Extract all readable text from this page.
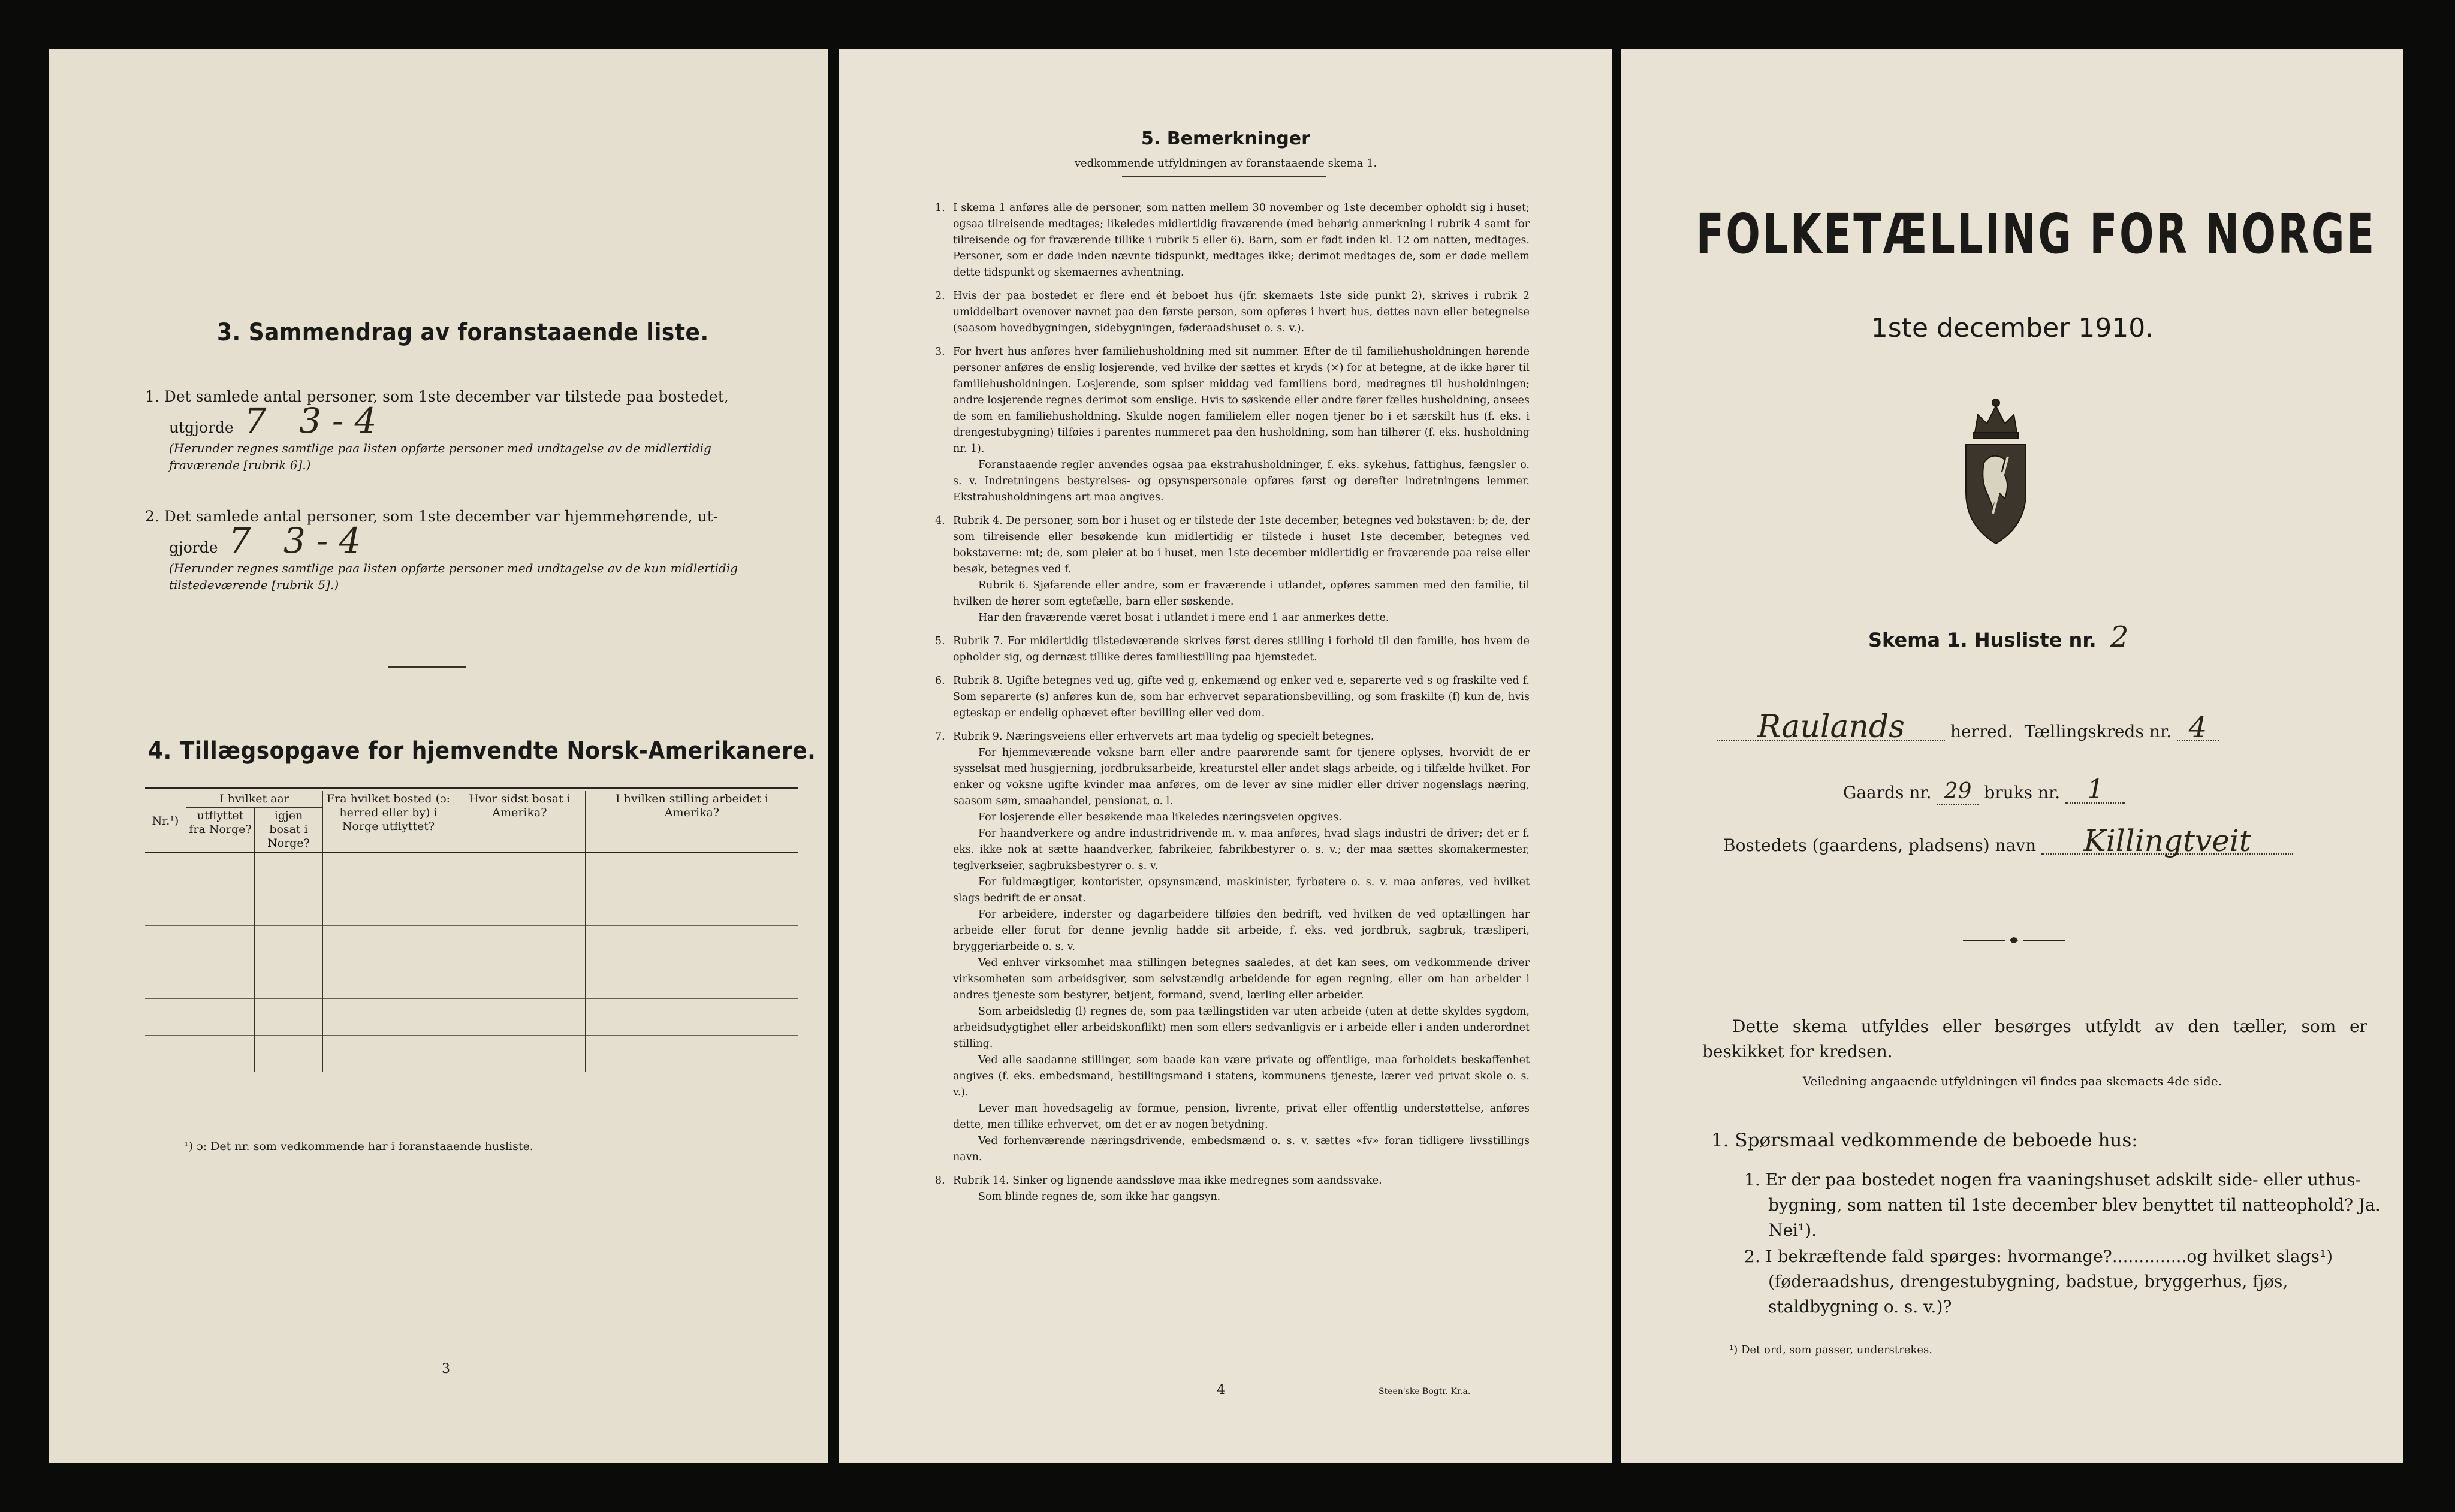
3. Sammendrag av foranstaaende liste.
1. Det samlede antal personer, som 1ste december var tilstede paa bostedet,
utgjorde 7 3-4
(Herunder regnes samtlige paa listen opførte personer med undtagelse av de midlertidig fraværende [rubrik 6].)
2. Det samlede antal personer, som 1ste december var hjemmehørende, ut-
gjorde 7 3-4
(Herunder regnes samtlige paa listen opførte personer med undtagelse av de kun midlertidig tilstedeværende [rubrik 5].)
4. Tillægsopgave for hjemvendte Norsk-Amerikanere.
Nr.¹)	I hvilket aar		Fra hvilket bosted (ɔ: herred eller by) i Norge utflyttet?	Hvor sidst bosat i Amerika?	I hvilken stilling arbeidet i Amerika?
	utflyttet fra Norge?	igjen bosat i Norge?			

¹) ɔ: Det nr. som vedkommende har i foranstaaende husliste.
3
5. Bemerkninger
vedkommende utfyldningen av foranstaaende skema 1.

1. I skema 1 anføres alle de personer, som natten mellem 30 november og 1ste december opholdt sig i huset; ogsaa tilreisende medtages; likeledes midlertidig fraværende (med behørig anmerkning i rubrik 4 samt for tilreisende og for fraværende tillike i rubrik 5 eller 6). Barn, som er født inden kl. 12 om natten, medtages. Personer, som er døde inden nævnte tidspunkt, medtages ikke; derimot medtages de, som er døde mellem dette tidspunkt og skemaernes avhentning.

2. Hvis der paa bostedet er flere end ét beboet hus (jfr. skemaets 1ste side punkt 2), skrives i rubrik 2 umiddelbart ovenover navnet paa den første person, som opføres i hvert hus, dettes navn eller betegnelse (saasom hovedbygningen, sidebygningen, føderaadshuset o. s. v.).

3. For hvert hus anføres hver familiehusholdning med sit nummer. Efter de til familiehusholdningen hørende personer anføres de enslig losjerende, ved hvilke der sættes et kryds (×) for at betegne, at de ikke hører til familiehusholdningen. Losjerende, som spiser middag ved familiens bord, medregnes til husholdningen; andre losjerende regnes derimot som enslige. Hvis to søskende eller andre fører fælles husholdning, ansees de som en familiehusholdning. Skulde nogen familielem eller nogen tjener bo i et særskilt hus (f. eks. i drengestubygning) tilføies i parentes nummeret paa den husholdning, som han tilhører (f. eks. husholdning nr. 1).

Foranstaaende regler anvendes ogsaa paa ekstrahusholdninger, f. eks. sykehus, fattighus, fængsler o. s. v. Indretningens bestyrelses- og opsynspersonale opføres først og derefter indretningens lemmer. Ekstrahusholdningens art maa angives.

4. Rubrik 4. De personer, som bor i huset og er tilstede der 1ste december, betegnes ved bokstaven: b; de, der som tilreisende eller besøkende kun midlertidig er tilstede i huset 1ste december, betegnes ved bokstaverne: mt; de, som pleier at bo i huset, men 1ste december midlertidig er fraværende paa reise eller besøk, betegnes ved f.

Rubrik 6. Sjøfarende eller andre, som er fraværende i utlandet, opføres sammen med den familie, til hvilken de hører som egtefælle, barn eller søskende.

Har den fraværende været bosat i utlandet i mere end 1 aar anmerkes dette.

5. Rubrik 7. For midlertidig tilstedeværende skrives først deres stilling i forhold til den familie, hos hvem de opholder sig, og dernæst tillike deres familiestilling paa hjemstedet.

6. Rubrik 8. Ugifte betegnes ved ug, gifte ved g, enkemænd og enker ved e, separerte ved s og fraskilte ved f. Som separerte (s) anføres kun de, som har erhvervet separationsbevilling, og som fraskilte (f) kun de, hvis egteskap er endelig ophævet efter bevilling eller ved dom.

7. Rubrik 9. Næringsveiens eller erhvervets art maa tydelig og specielt betegnes.

For hjemmeværende voksne barn eller andre paarørende samt for tjenere oplyses, hvorvidt de er sysselsat med husgjerning, jordbruksarbeide, kreaturstel eller andet slags arbeide, og i tilfælde hvilket. For enker og voksne ugifte kvinder maa anføres, om de lever av sine midler eller driver nogenslags næring, saasom søm, smaahandel, pensionat, o. l.

For losjerende eller besøkende maa likeledes næringsveien opgives.

For haandverkere og andre industridrivende m. v. maa anføres, hvad slags industri de driver; det er f. eks. ikke nok at sætte haandverker, fabrikeier, fabrikbestyrer o. s. v.; der maa sættes skomakermester, teglverkseier, sagbruksbestyrer o. s. v.

For fuldmægtiger, kontorister, opsynsmænd, maskinister, fyrbøtere o. s. v. maa anføres, ved hvilket slags bedrift de er ansat.

For arbeidere, inderster og dagarbeidere tilføies den bedrift, ved hvilken de ved optællingen har arbeide eller forut for denne jevnlig hadde sit arbeide, f. eks. ved jordbruk, sagbruk, træsliperi, bryggeriarbeide o. s. v.

Ved enhver virksomhet maa stillingen betegnes saaledes, at det kan sees, om vedkommende driver virksomheten som arbeidsgiver, som selvstændig arbeidende for egen regning, eller om han arbeider i andres tjeneste som bestyrer, betjent, formand, svend, lærling eller arbeider.

Som arbeidsledig (l) regnes de, som paa tællingstiden var uten arbeide (uten at dette skyldes sygdom, arbeidsudygtighet eller arbeidskonflikt) men som ellers sedvanligvis er i arbeide eller i anden underordnet stilling.

Ved alle saadanne stillinger, som baade kan være private og offentlige, maa forholdets beskaffenhet angives (f. eks. embedsmand, bestillingsmand i statens, kommunens tjeneste, lærer ved privat skole o. s. v.).

Lever man hovedsagelig av formue, pension, livrente, privat eller offentlig understøttelse, anføres dette, men tillike erhvervet, om det er av nogen betydning.

Ved forhenværende næringsdrivende, embedsmænd o. s. v. sættes «fv» foran tidligere livsstillings navn.

8. Rubrik 14. Sinker og lignende aandssløve maa ikke medregnes som aandssvake.

Som blinde regnes de, som ikke har gangsyn.

4	Steen'ske Bogtr. Kr.a.
FOLKETÆLLING FOR NORGE
1ste december 1910.
Skema 1. Husliste nr. 2
Raulands	herred. Tællingskreds nr. 4
Gaards nr. 29 bruks nr. 1
Bostedets (gaardens, pladsens) navn Killingtveit
Dette skema utfyldes eller besørges utfyldt av den tæller, som er beskikket for kredsen.
Veiledning angaaende utfyldningen vil findes paa skemaets 4de side.
1. Spørsmaal vedkommende de beboede hus:
1. Er der paa bostedet nogen fra vaaningshuset adskilt side- eller uthus-bygning, som natten til 1ste december blev benyttet til natteophold? Ja. Nei¹).
2. I bekræftende fald spørges: hvormange?..............og hvilket slags¹) (føderaadshus, drengestubygning, badstue, bryggerhus, fjøs, staldbygning o. s. v.)?
¹) Det ord, som passer, understrekes.
